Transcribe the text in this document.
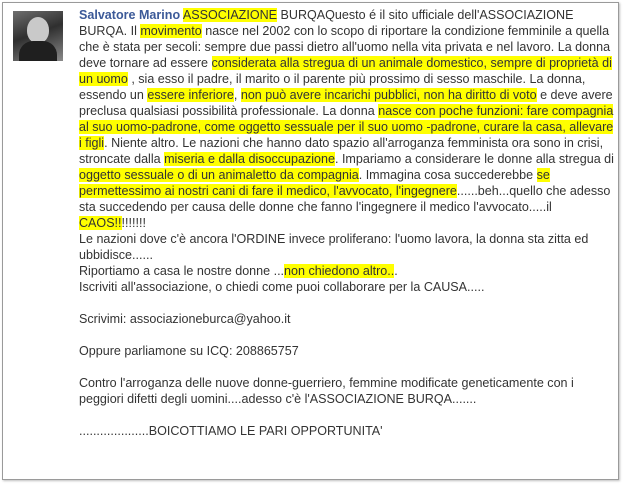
Salvatore Marino ASSOCIAZIONE BURQAQuesto é il sito ufficiale dell'ASSOCIAZIONE BURQA. Il movimento nasce nel 2002 con lo scopo di riportare la condizione femminile a quella che è stata per secoli: sempre due passi dietro all'uomo nella vita privata e nel lavoro. La donna deve tornare ad essere considerata alla stregua di un animale domestico, sempre di proprietà di un uomo , sia esso il padre, il marito o il parente più prossimo di sesso maschile. La donna, essendo un essere inferiore, non può avere incarichi pubblici, non ha diritto di voto e deve avere preclusa qualsiasi possibilità professionale. La donna nasce con poche funzioni: fare compagnia al suo uomo-padrone, come oggetto sessuale per il suo uomo -padrone, curare la casa, allevare i figli. Niente altro. Le nazioni che hanno dato spazio all'arroganza femminista ora sono in crisi, stroncate dalla miseria e dalla disoccupazione. Impariamo a considerare le donne alla stregua di oggetto sessuale o di un animaletto da compagnia. Immagina cosa succederebbe se permettessimo ai nostri cani di fare il medico, l'avvocato, l'ingegnere......beh...quello che adesso sta succedendo per causa delle donne che fanno l'ingegnere il medico l'avvocato.....il CAOS!!!!!!!!!

Le nazioni dove c'è ancora l'ORDINE invece proliferano: l'uomo lavora, la donna sta zitta ed ubbidisce......

Riportiamo a casa le nostre donne ...non chiedono altro...

Iscriviti all'associazione, o chiedi come puoi collaborare per la CAUSA.....

Scrivimi: associazioneburca@yahoo.it

Oppure parliamone su ICQ: 208865757

Contro l'arroganza delle nuove donne-guerriero, femmine modificate geneticamente con i peggiori difetti degli uomini....adesso c'è l'ASSOCIAZIONE BURQA.......

....................BOICOTTIAMO LE PARI OPPORTUNITA'
